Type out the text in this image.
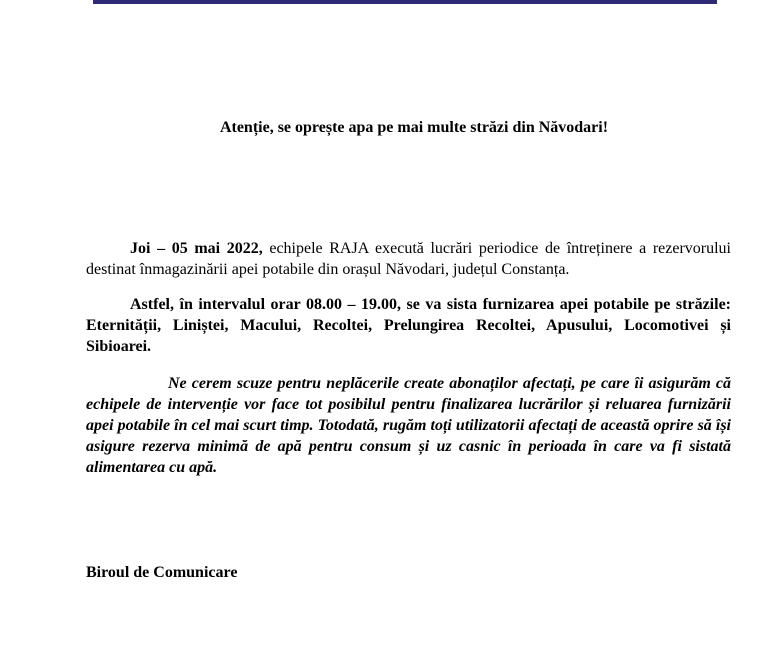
Atenție, se oprește apa pe mai multe străzi din Năvodari!

Joi – 05 mai 2022, echipele RAJA execută lucrări periodice de întreținere a rezervorului destinat înmagazinării apei potabile din orașul Năvodari, județul Constanța.

Astfel, în intervalul orar 08.00 – 19.00, se va sista furnizarea apei potabile pe străzile: Eternității, Liniștei, Macului, Recoltei, Prelungirea Recoltei, Apusului, Locomotivei și Sibioarei.

Ne cerem scuze pentru neplăcerile create abonaților afectați, pe care îi asigurăm că echipele de intervenție vor face tot posibilul pentru finalizarea lucrărilor și reluarea furnizării apei potabile în cel mai scurt timp. Totodată, rugăm toți utilizatorii afectați de această oprire să își asigure rezerva minimă de apă pentru consum și uz casnic în perioada în care va fi sistată alimentarea cu apă.

Biroul de Comunicare
